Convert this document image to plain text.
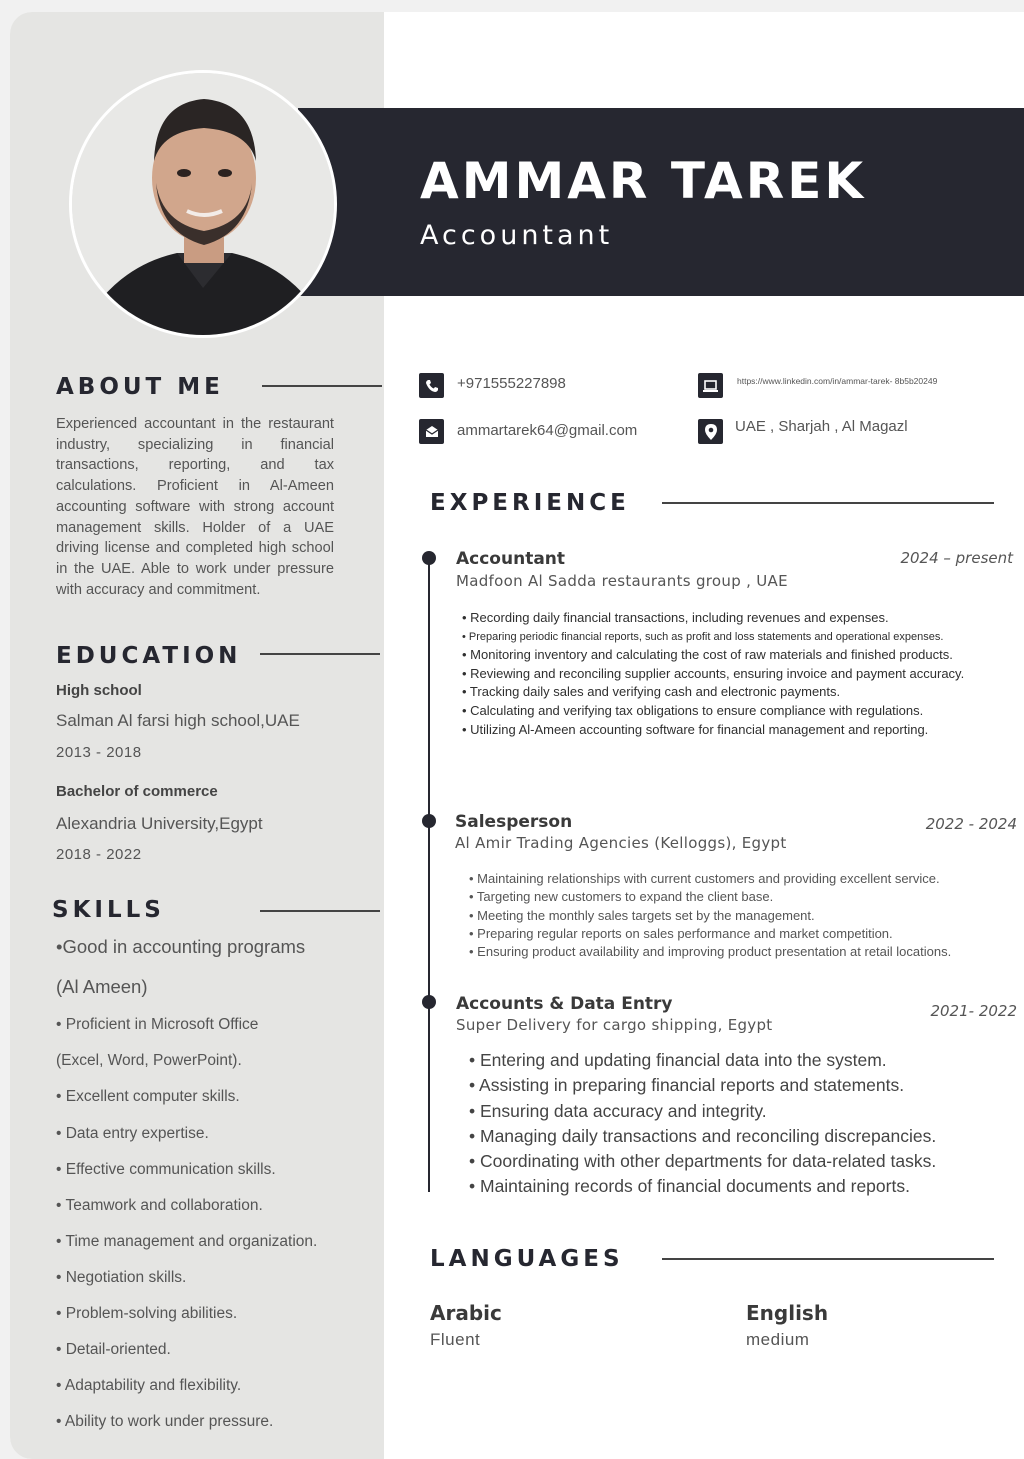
AMMAR TAREK
Accountant
ABOUT ME

Experienced accountant in the restaurant industry, specializing in financial transactions, reporting, and tax calculations. Proficient in Al-Ameen accounting software with strong account management skills. Holder of a UAE driving license and completed high school in the UAE. Able to work under pressure with accuracy and commitment.

EDUCATION
High school
Salman Al farsi high school,UAE
2013 - 2018
Bachelor of commerce
Alexandria University,Egypt
2018 - 2022
SKILLS
•Good in accounting programs
(Al Ameen)
• Proficient in Microsoft Office
(Excel, Word, PowerPoint).
• Excellent computer skills.
• Data entry expertise.
• Effective communication skills.
• Teamwork and collaboration.
• Time management and organization.
• Negotiation skills.
• Problem-solving abilities.
• Detail-oriented.
• Adaptability and flexibility.
• Ability to work under pressure.
+971555227898
ammartarek64@gmail.com
https://www.linkedin.com/in/ammar-tarek- 8b5b20249
UAE , Sharjah , Al Magazl
EXPERIENCE
Accountant
Madfoon Al Sadda restaurants group , UAE
2024 – present
• Recording daily financial transactions, including revenues and expenses.
• Preparing periodic financial reports, such as profit and loss statements and operational expenses.
• Monitoring inventory and calculating the cost of raw materials and finished products.
• Reviewing and reconciling supplier accounts, ensuring invoice and payment accuracy.
• Tracking daily sales and verifying cash and electronic payments.
• Calculating and verifying tax obligations to ensure compliance with regulations.
• Utilizing Al-Ameen accounting software for financial management and reporting.
Salesperson
Al Amir Trading Agencies (Kelloggs), Egypt
2022 - 2024
• Maintaining relationships with current customers and providing excellent service.
• Targeting new customers to expand the client base.
• Meeting the monthly sales targets set by the management.
• Preparing regular reports on sales performance and market competition.
• Ensuring product availability and improving product presentation at retail locations.
Accounts & Data Entry
Super Delivery for cargo shipping, Egypt
2021- 2022
• Entering and updating financial data into the system.
• Assisting in preparing financial reports and statements.
• Ensuring data accuracy and integrity.
• Managing daily transactions and reconciling discrepancies.
• Coordinating with other departments for data-related tasks.
• Maintaining records of financial documents and reports.
LANGUAGES
Arabic
Fluent
English
medium
